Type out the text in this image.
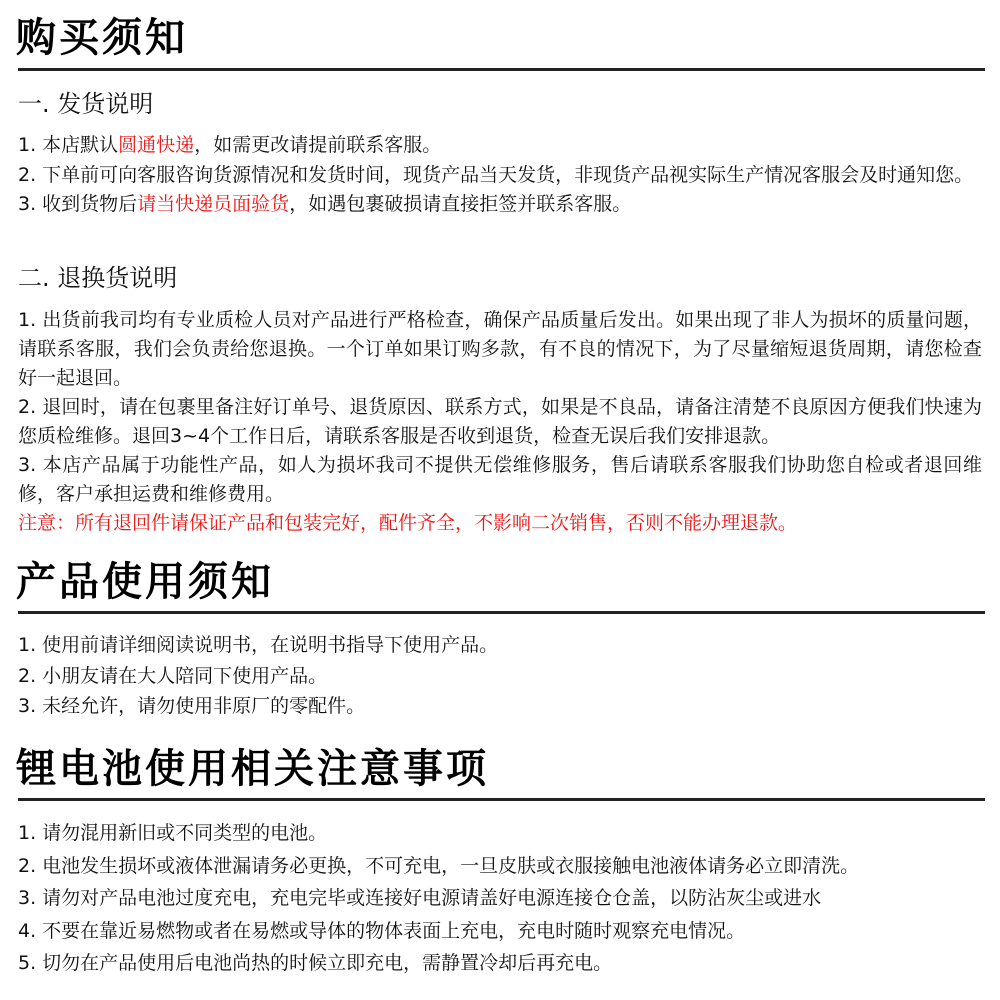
购买须知
一. 发货说明

1. 本店默认圆通快递，如需更改请提前联系客服。

2. 下单前可向客服咨询货源情况和发货时间，现货产品当天发货，非现货产品视实际生产情况客服会及时通知您。

3. 收到货物后请当快递员面验货，如遇包裹破损请直接拒签并联系客服。

二. 退换货说明

1. 出货前我司均有专业质检人员对产品进行严格检查，确保产品质量后发出。如果出现了非人为损坏的质量问题，请联系客服，我们会负责给您退换。一个订单如果订购多款，有不良的情况下，为了尽量缩短退货周期，请您检查好一起退回。

2. 退回时，请在包裹里备注好订单号、退货原因、联系方式，如果是不良品，请备注清楚不良原因方便我们快速为您质检维修。退回3~4个工作日后，请联系客服是否收到退货，检查无误后我们安排退款。

3. 本店产品属于功能性产品，如人为损坏我司不提供无偿维修服务，售后请联系客服我们协助您自检或者退回维修，客户承担运费和维修费用。

注意：所有退回件请保证产品和包装完好，配件齐全，不影响二次销售，否则不能办理退款。

产品使用须知

1. 使用前请详细阅读说明书，在说明书指导下使用产品。

2. 小朋友请在大人陪同下使用产品。

3. 未经允许，请勿使用非原厂的零配件。

锂电池使用相关注意事项

1. 请勿混用新旧或不同类型的电池。

2. 电池发生损坏或液体泄漏请务必更换，不可充电，一旦皮肤或衣服接触电池液体请务必立即清洗。

3. 请勿对产品电池过度充电，充电完毕或连接好电源请盖好电源连接仓仓盖，以防沾灰尘或进水

4. 不要在靠近易燃物或者在易燃或导体的物体表面上充电，充电时随时观察充电情况。

5. 切勿在产品使用后电池尚热的时候立即充电，需静置冷却后再充电。
